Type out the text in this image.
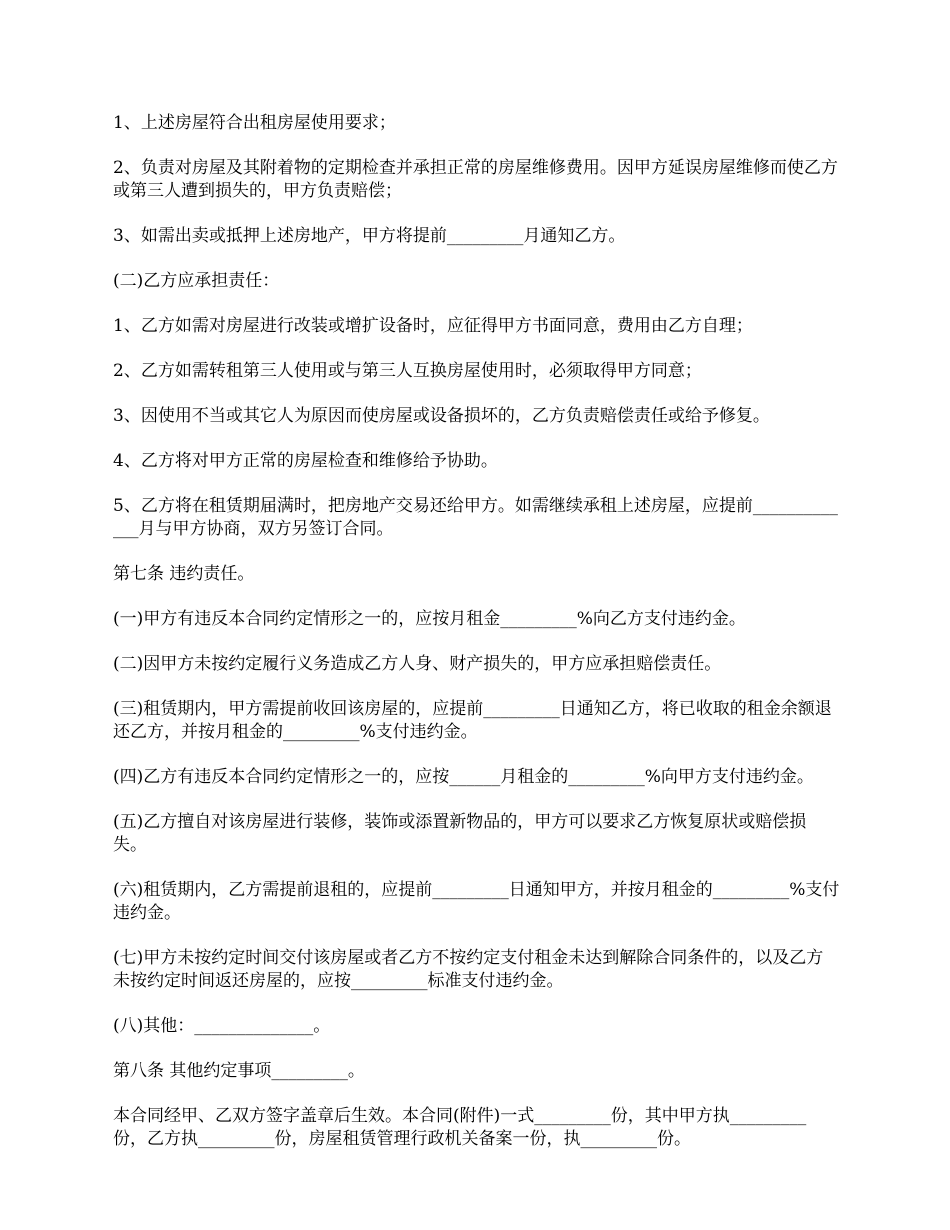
1、上述房屋符合出租房屋使用要求；

2、负责对房屋及其附着物的定期检查并承担正常的房屋维修费用。因甲方延误房屋维修而使乙方或第三人遭到损失的，甲方负责赔偿；

3、如需出卖或抵押上述房地产，甲方将提前_________月通知乙方。

(二)乙方应承担责任：

1、乙方如需对房屋进行改装或增扩设备时，应征得甲方书面同意，费用由乙方自理；

2、乙方如需转租第三人使用或与第三人互换房屋使用时，必须取得甲方同意；

3、因使用不当或其它人为原因而使房屋或设备损坏的，乙方负责赔偿责任或给予修复。

4、乙方将对甲方正常的房屋检查和维修给予协助。

5、乙方将在租赁期届满时，把房地产交易还给甲方。如需继续承租上述房屋，应提前_____________月与甲方协商，双方另签订合同。

第七条 违约责任。

(一)甲方有违反本合同约定情形之一的，应按月租金_________%向乙方支付违约金。

(二)因甲方未按约定履行义务造成乙方人身、财产损失的，甲方应承担赔偿责任。

(三)租赁期内，甲方需提前收回该房屋的，应提前_________日通知乙方，将已收取的租金余额退还乙方，并按月租金的_________%支付违约金。

(四)乙方有违反本合同约定情形之一的，应按______月租金的_________%向甲方支付违约金。

(五)乙方擅自对该房屋进行装修，装饰或添置新物品的，甲方可以要求乙方恢复原状或赔偿损失。

(六)租赁期内，乙方需提前退租的，应提前_________日通知甲方，并按月租金的_________%支付违约金。

(七)甲方未按约定时间交付该房屋或者乙方不按约定支付租金未达到解除合同条件的，以及乙方未按约定时间返还房屋的，应按_________标准支付违约金。

(八)其他：______________。

第八条 其他约定事项_________。

本合同经甲、乙双方签字盖章后生效。本合同(附件)一式_________份，其中甲方执_________份，乙方执_________份，房屋租赁管理行政机关备案一份，执_________份。
